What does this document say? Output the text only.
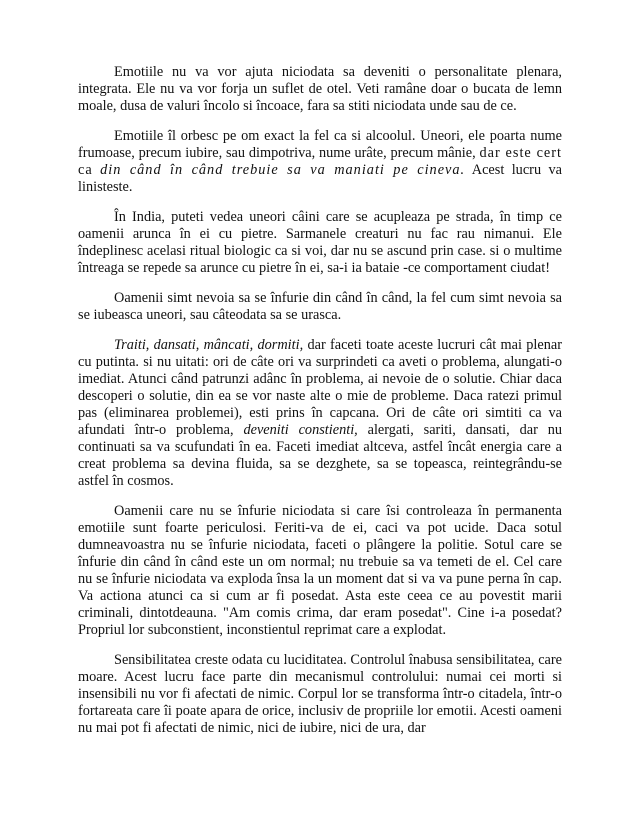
Emotiile nu va vor ajuta niciodata sa deveniti o personalitate plenara, integrata. Ele nu va vor forja un suflet de otel. Veti ramâne doar o bucata de lemn moale, dusa de valuri încolo si încoace, fara sa stiti niciodata unde sau de ce.

Emotiile îl orbesc pe om exact la fel ca si alcoolul. Uneori, ele poarta nume frumoase, precum iubire, sau dimpotriva, nume urâte, precum mânie, dar este cert ca din când în când trebuie sa va maniati pe cineva. Acest lucru va linisteste.

În India, puteti vedea uneori câini care se acupleaza pe strada, în timp ce oamenii arunca în ei cu pietre. Sarmanele creaturi nu fac rau nimanui. Ele îndeplinesc acelasi ritual biologic ca si voi, dar nu se ascund prin case. si o multime întreaga se repede sa arunce cu pietre în ei, sa-i ia bataie -ce comportament ciudat!

Oamenii simt nevoia sa se înfurie din când în când, la fel cum simt nevoia sa se iubeasca uneori, sau câteodata sa se urasca.

Traiti, dansati, mâncati, dormiti, dar faceti toate aceste lucruri cât mai plenar cu putinta. si nu uitati: ori de câte ori va surprindeti ca aveti o problema, alungati-o imediat. Atunci când patrunzi adânc în problema, ai nevoie de o solutie. Chiar daca descoperi o solutie, din ea se vor naste alte o mie de probleme. Daca ratezi primul pas (eliminarea problemei), esti prins în capcana. Ori de câte ori simtiti ca va afundati într-o problema, deveniti constienti, alergati, sariti, dansati, dar nu continuati sa va scufundati în ea. Faceti imediat altceva, astfel încât energia care a creat problema sa devina fluida, sa se dezghete, sa se topeasca, reintegrându-se astfel în cosmos.

Oamenii care nu se înfurie niciodata si care îsi controleaza în permanenta emotiile sunt foarte periculosi. Feriti-va de ei, caci va pot ucide. Daca sotul dumneavoastra nu se înfurie niciodata, faceti o plângere la politie. Sotul care se înfurie din când în când este un om normal; nu trebuie sa va temeti de el. Cel care nu se înfurie niciodata va exploda însa la un moment dat si va va pune perna în cap. Va actiona atunci ca si cum ar fi posedat. Asta este ceea ce au povestit marii criminali, dintotdeauna. "Am comis crima, dar eram posedat". Cine i-a posedat? Propriul lor subconstient, inconstientul reprimat care a explodat.

Sensibilitatea creste odata cu luciditatea. Controlul înabusa sensibilitatea, care moare. Acest lucru face parte din mecanismul controlului: numai cei morti si insensibili nu vor fi afectati de nimic. Corpul lor se transforma într-o citadela, într-o fortareata care îi poate apara de orice, inclusiv de propriile lor emotii. Acesti oameni nu mai pot fi afectati de nimic, nici de iubire, nici de ura, dar
